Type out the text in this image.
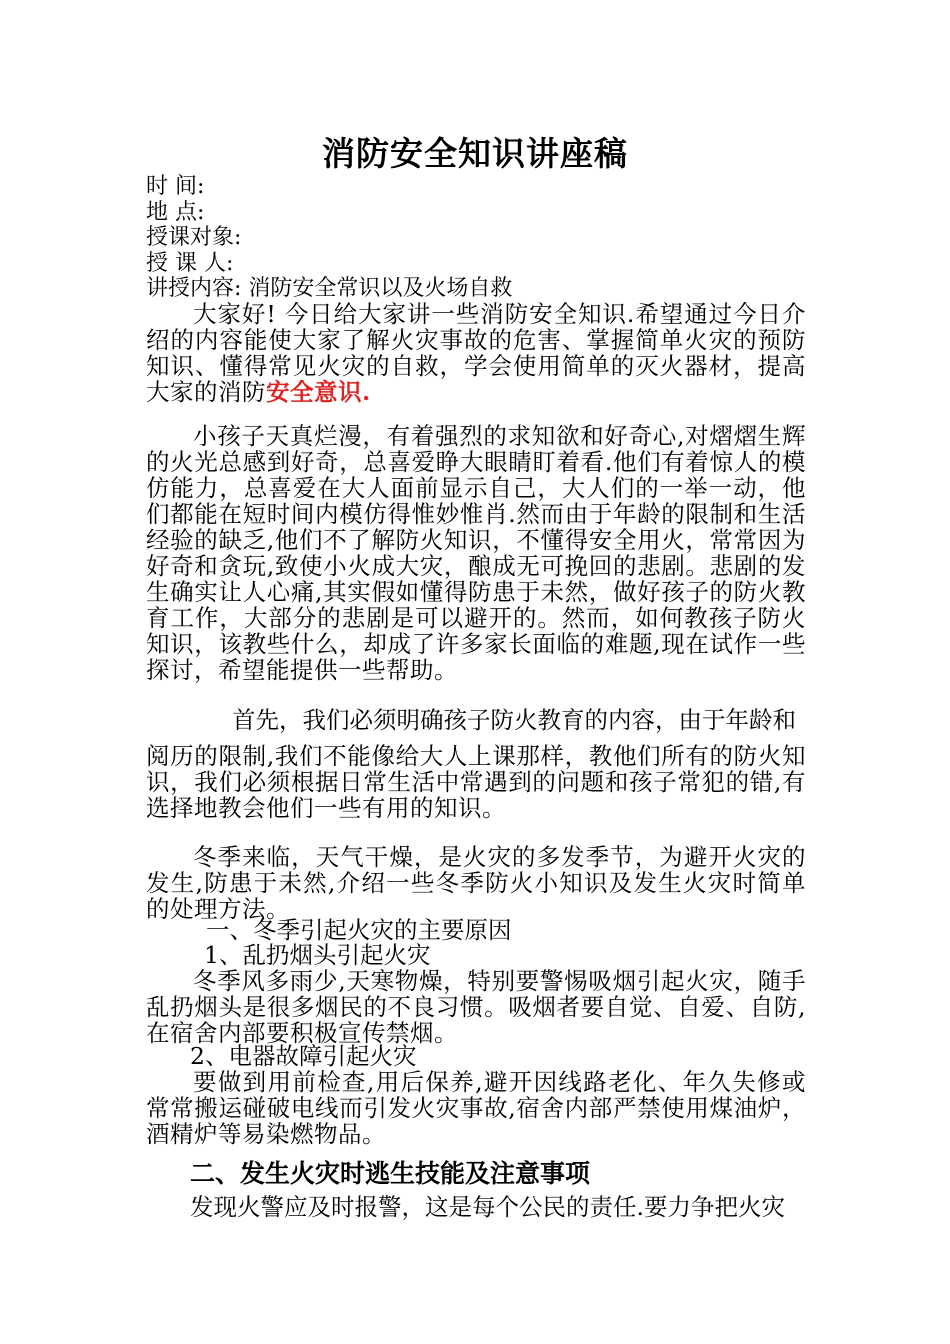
消防安全知识讲座稿
时 间:
地 点:
授课对象:
授 课 人:
讲授内容: 消防安全常识以及火场自救
大家好! 今日给大家讲一些消防安全知识.希望通过今日介绍的内容能使大家了解火灾事故的危害、掌握简单火灾的预防知识、懂得常见火灾的自救，学会使用简单的灭火器材，提高大家的消防安全意识.
小孩子天真烂漫，有着强烈的求知欲和好奇心,对熠熠生辉的火光总感到好奇，总喜爱睁大眼睛盯着看.他们有着惊人的模仿能力，总喜爱在大人面前显示自己，大人们的一举一动，他们都能在短时间内模仿得惟妙惟肖.然而由于年龄的限制和生活经验的缺乏,他们不了解防火知识，不懂得安全用火，常常因为好奇和贪玩,致使小火成大灾，酿成无可挽回的悲剧。悲剧的发生确实让人心痛,其实假如懂得防患于未然，做好孩子的防火教育工作，大部分的悲剧是可以避开的。然而，如何教孩子防火知识，该教些什么，却成了许多家长面临的难题,现在试作一些探讨，希望能提供一些帮助。
首先，我们必须明确孩子防火教育的内容，由于年龄和
阅历的限制,我们不能像给大人上课那样，教他们所有的防火知识，我们必须根据日常生活中常遇到的问题和孩子常犯的错,有选择地教会他们一些有用的知识。
冬季来临，天气干燥，是火灾的多发季节，为避开火灾的发生,防患于未然,介绍一些冬季防火小知识及发生火灾时简单的处理方法。
一、冬季引起火灾的主要原因
1、乱扔烟头引起火灾
冬季风多雨少,天寒物燥，特别要警惕吸烟引起火灾，随手乱扔烟头是很多烟民的不良习惯。吸烟者要自觉、自爱、自防,在宿舍内部要积极宣传禁烟。
2、电器故障引起火灾
要做到用前检查,用后保养,避开因线路老化、年久失修或常常搬运碰破电线而引发火灾事故,宿舍内部严禁使用煤油炉，酒精炉等易染燃物品。
二、发生火灾时逃生技能及注意事项
发现火警应及时报警，这是每个公民的责任.要力争把火灾
